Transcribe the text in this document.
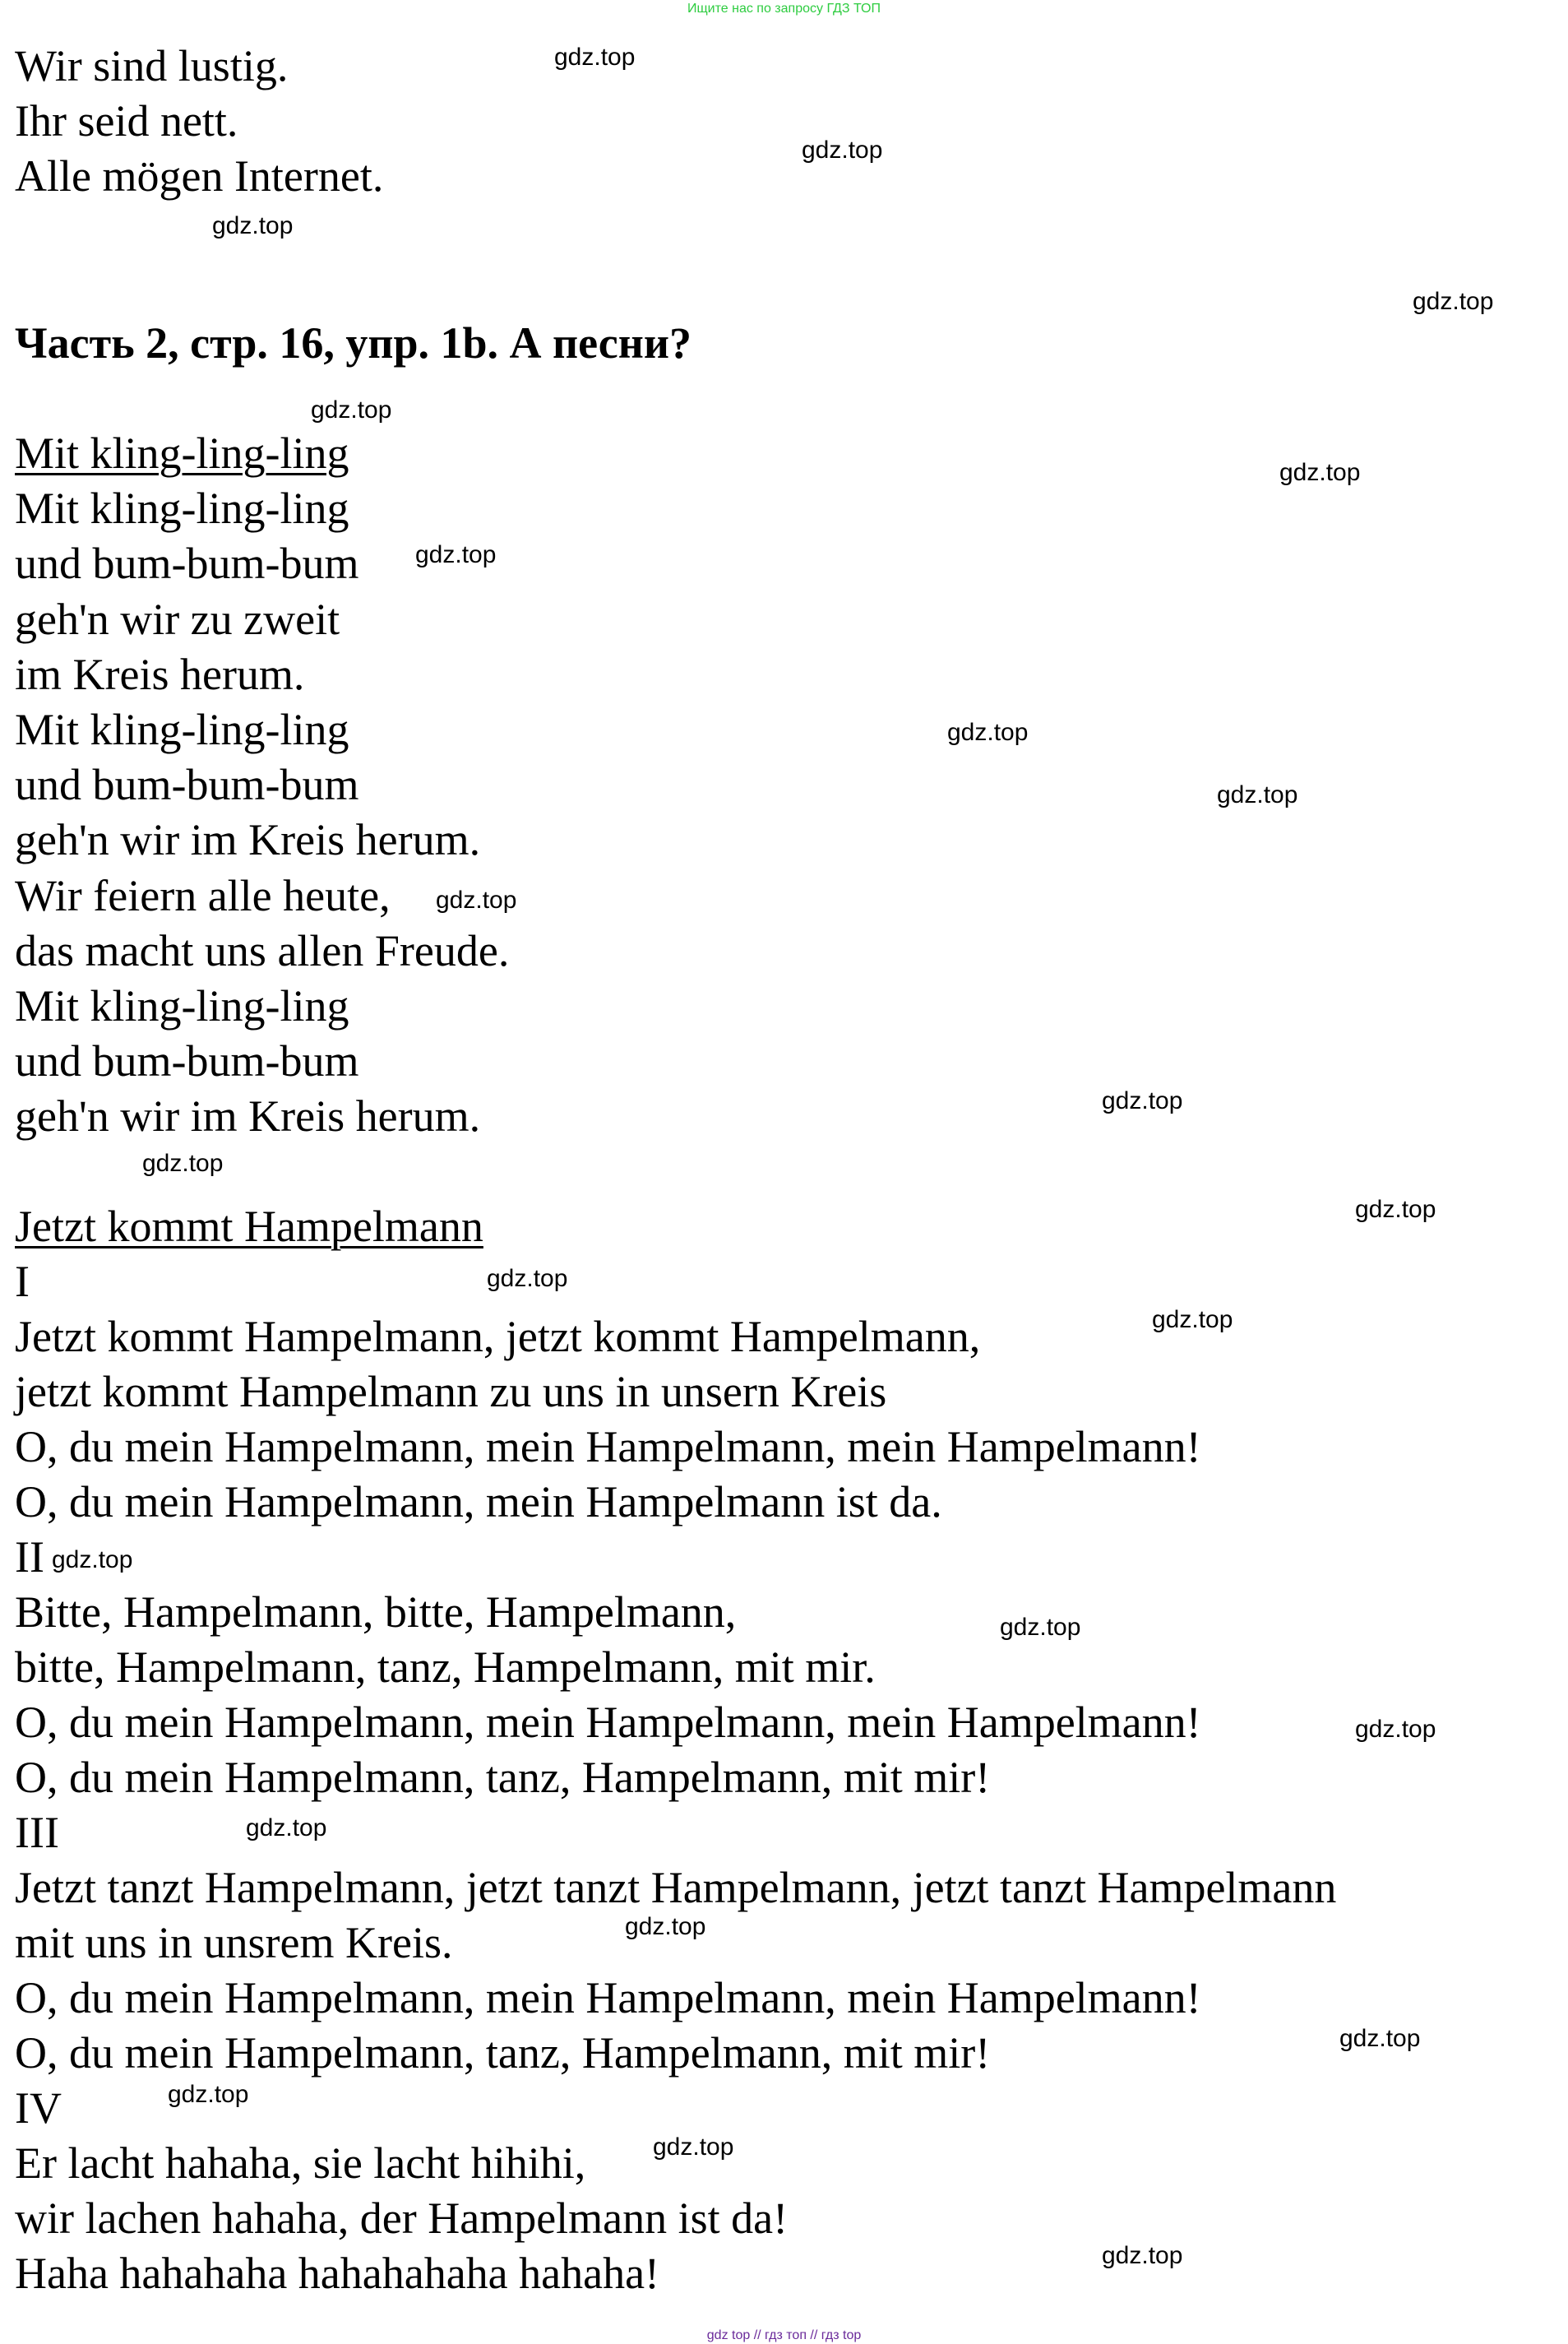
Ищите нас по запросу ГДЗ ТОП
Wir sind lustig.
Ihr seid nett.
Alle mögen Internet.
Часть 2, стр. 16, упр. 1b. А песни?
Mit kling-ling-ling
Mit kling-ling-ling
und bum-bum-bum
geh'n wir zu zweit
im Kreis herum.
Mit kling-ling-ling
und bum-bum-bum
geh'n wir im Kreis herum.
Wir feiern alle heute,
das macht uns allen Freude.
Mit kling-ling-ling
und bum-bum-bum
geh'n wir im Kreis herum.
Jetzt kommt Hampelmann
I
Jetzt kommt Hampelmann, jetzt kommt Hampelmann,
jetzt kommt Hampelmann zu uns in unsern Kreis
O, du mein Hampelmann, mein Hampelmann, mein Hampelmann!
O, du mein Hampelmann, mein Hampelmann ist da.
II
Bitte, Hampelmann, bitte, Hampelmann,
bitte, Hampelmann, tanz, Hampelmann, mit mir.
O, du mein Hampelmann, mein Hampelmann, mein Hampelmann!
O, du mein Hampelmann, tanz, Hampelmann, mit mir!
III
Jetzt tanzt Hampelmann, jetzt tanzt Hampelmann, jetzt tanzt Hampelmann
mit uns in unsrem Kreis.
O, du mein Hampelmann, mein Hampelmann, mein Hampelmann!
O, du mein Hampelmann, tanz, Hampelmann, mit mir!
IV
Er lacht hahaha, sie lacht hihihi,
wir lachen hahaha, der Hampelmann ist da!
Haha hahahaha hahahahaha hahaha!
gdz.top
gdz.top
gdz.top
gdz.top
gdz.top
gdz.top
gdz.top
gdz.top
gdz.top
gdz.top
gdz.top
gdz.top
gdz.top
gdz.top
gdz.top
gdz.top
gdz.top
gdz.top
gdz.top
gdz.top
gdz.top
gdz.top
gdz.top
gdz.top
gdz top // гдз топ // гдз top
